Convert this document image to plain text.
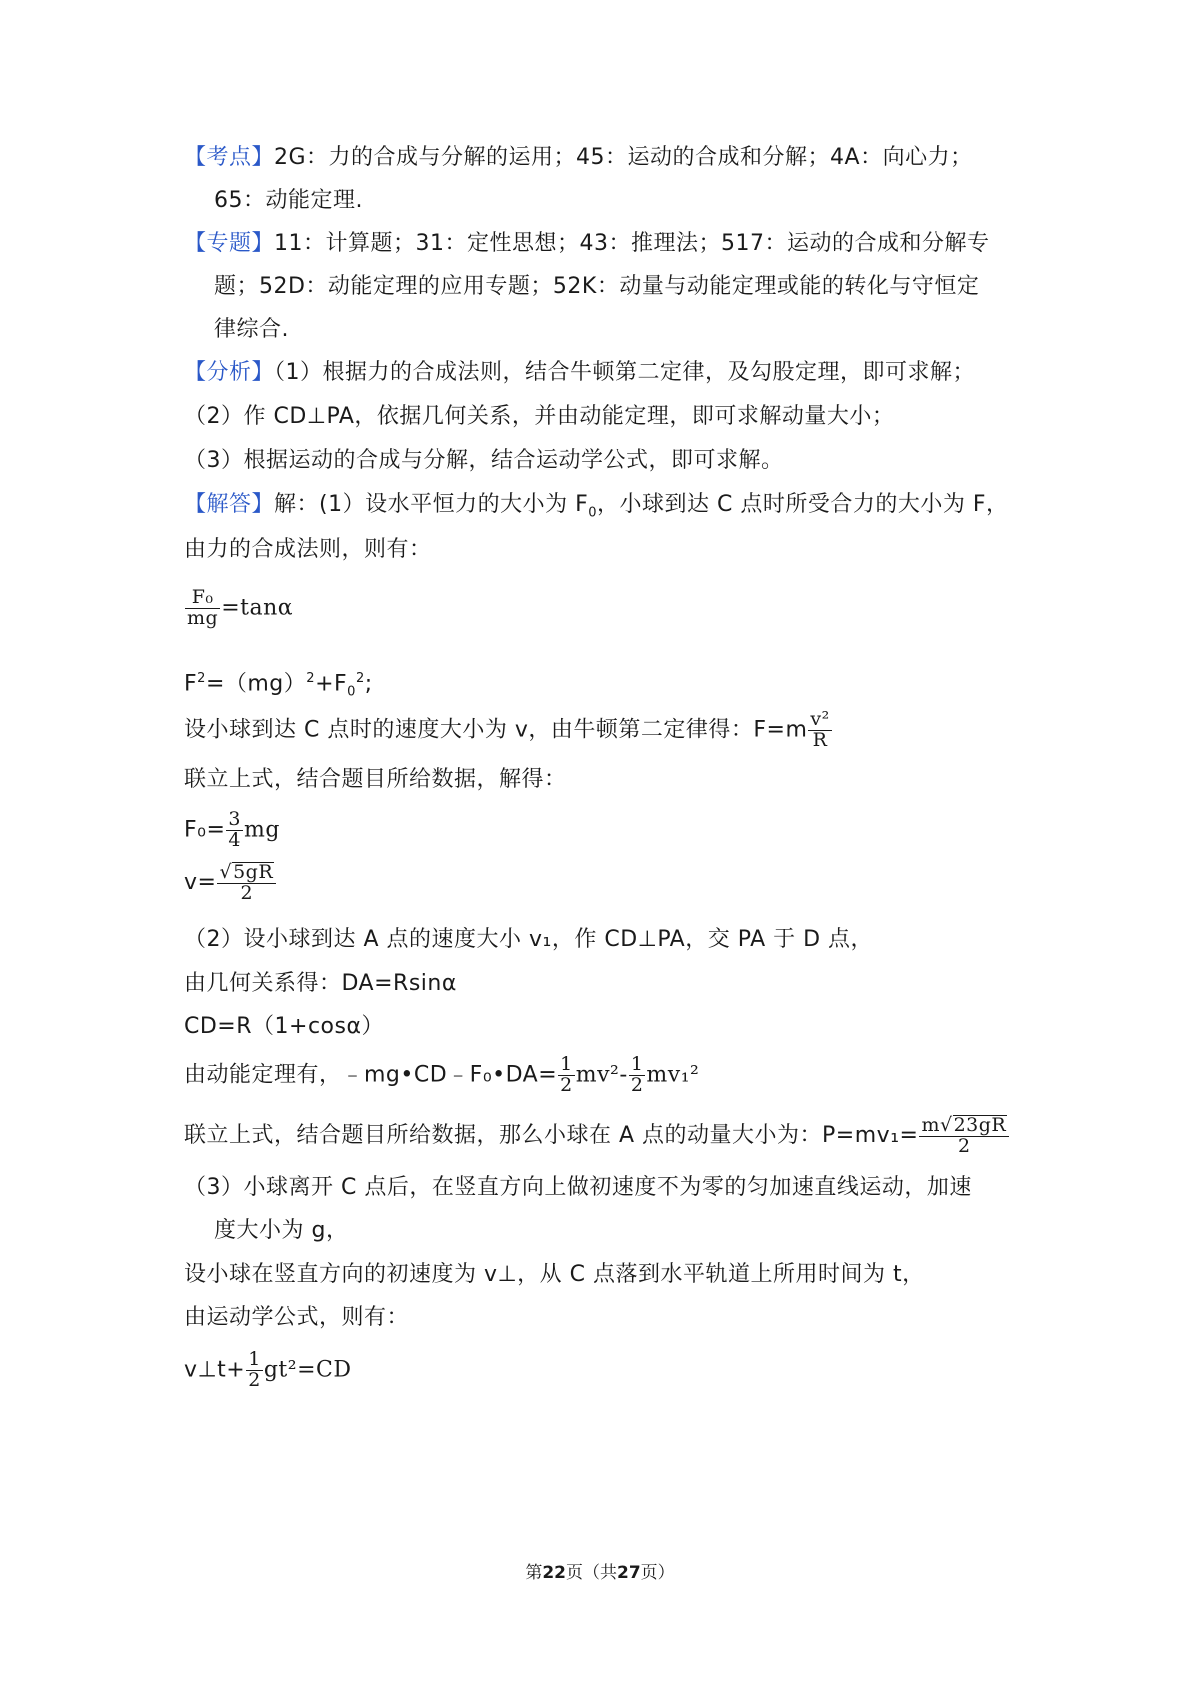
【考点】2G：力的合成与分解的运用；45：运动的合成和分解；4A：向心力；
65：动能定理.
【专题】11：计算题；31：定性思想；43：推理法；517：运动的合成和分解专
题；52D：动能定理的应用专题；52K：动量与动能定理或能的转化与守恒定
律综合.
【分析】（1）根据力的合成法则，结合牛顿第二定律，及勾股定理，即可求解；
（2）作 CD⊥PA，依据几何关系，并由动能定理，即可求解动量大小；
（3）根据运动的合成与分解，结合运动学公式，即可求解。
【解答】解：(1）设水平恒力的大小为 $F_0$，小球到达 C 点时所受合力的大小为 F，
由力的合成法则，则有：
$\frac{\text{F₀}}{mg} =\tan\alpha$
$F^2=(mg)^2+F_0^2$;
设小球到达 C 点时的速度大小为 v，由牛顿第二定律得：$F=m \frac{\text{v²}}{R}$
联立上式，结合题目所给数据，解得：
$F_0= \frac{3}{4}$ mg
$v= \frac{√5gR}{2}$
（2）设小球到达 A 点的速度大小 v₁，作 CD⊥PA，交 PA 于 D 点，
由几何关系得：DA=Rsinα
CD=R（1+cosα）
由动能定理有，﹣mg•CD﹣F₀•DA= $\frac{1}{2} mv^2- \frac{1}{2} mv_1^2$
联立上式，结合题目所给数据，那么小球在 A 点的动量大小为：$P=mv_1= \frac{m√23gR}{2}$
（3）小球离开 C 点后，在竖直方向上做初速度不为零的匀加速直线运动，加速
度大小为 g，
设小球在竖直方向的初速度为 v⊥，从 C 点落到水平轨道上所用时间为 t，
由运动学公式，则有：
v⊥t+ $\frac{1}{2} gt^2=CD$
第22页（共27页）
